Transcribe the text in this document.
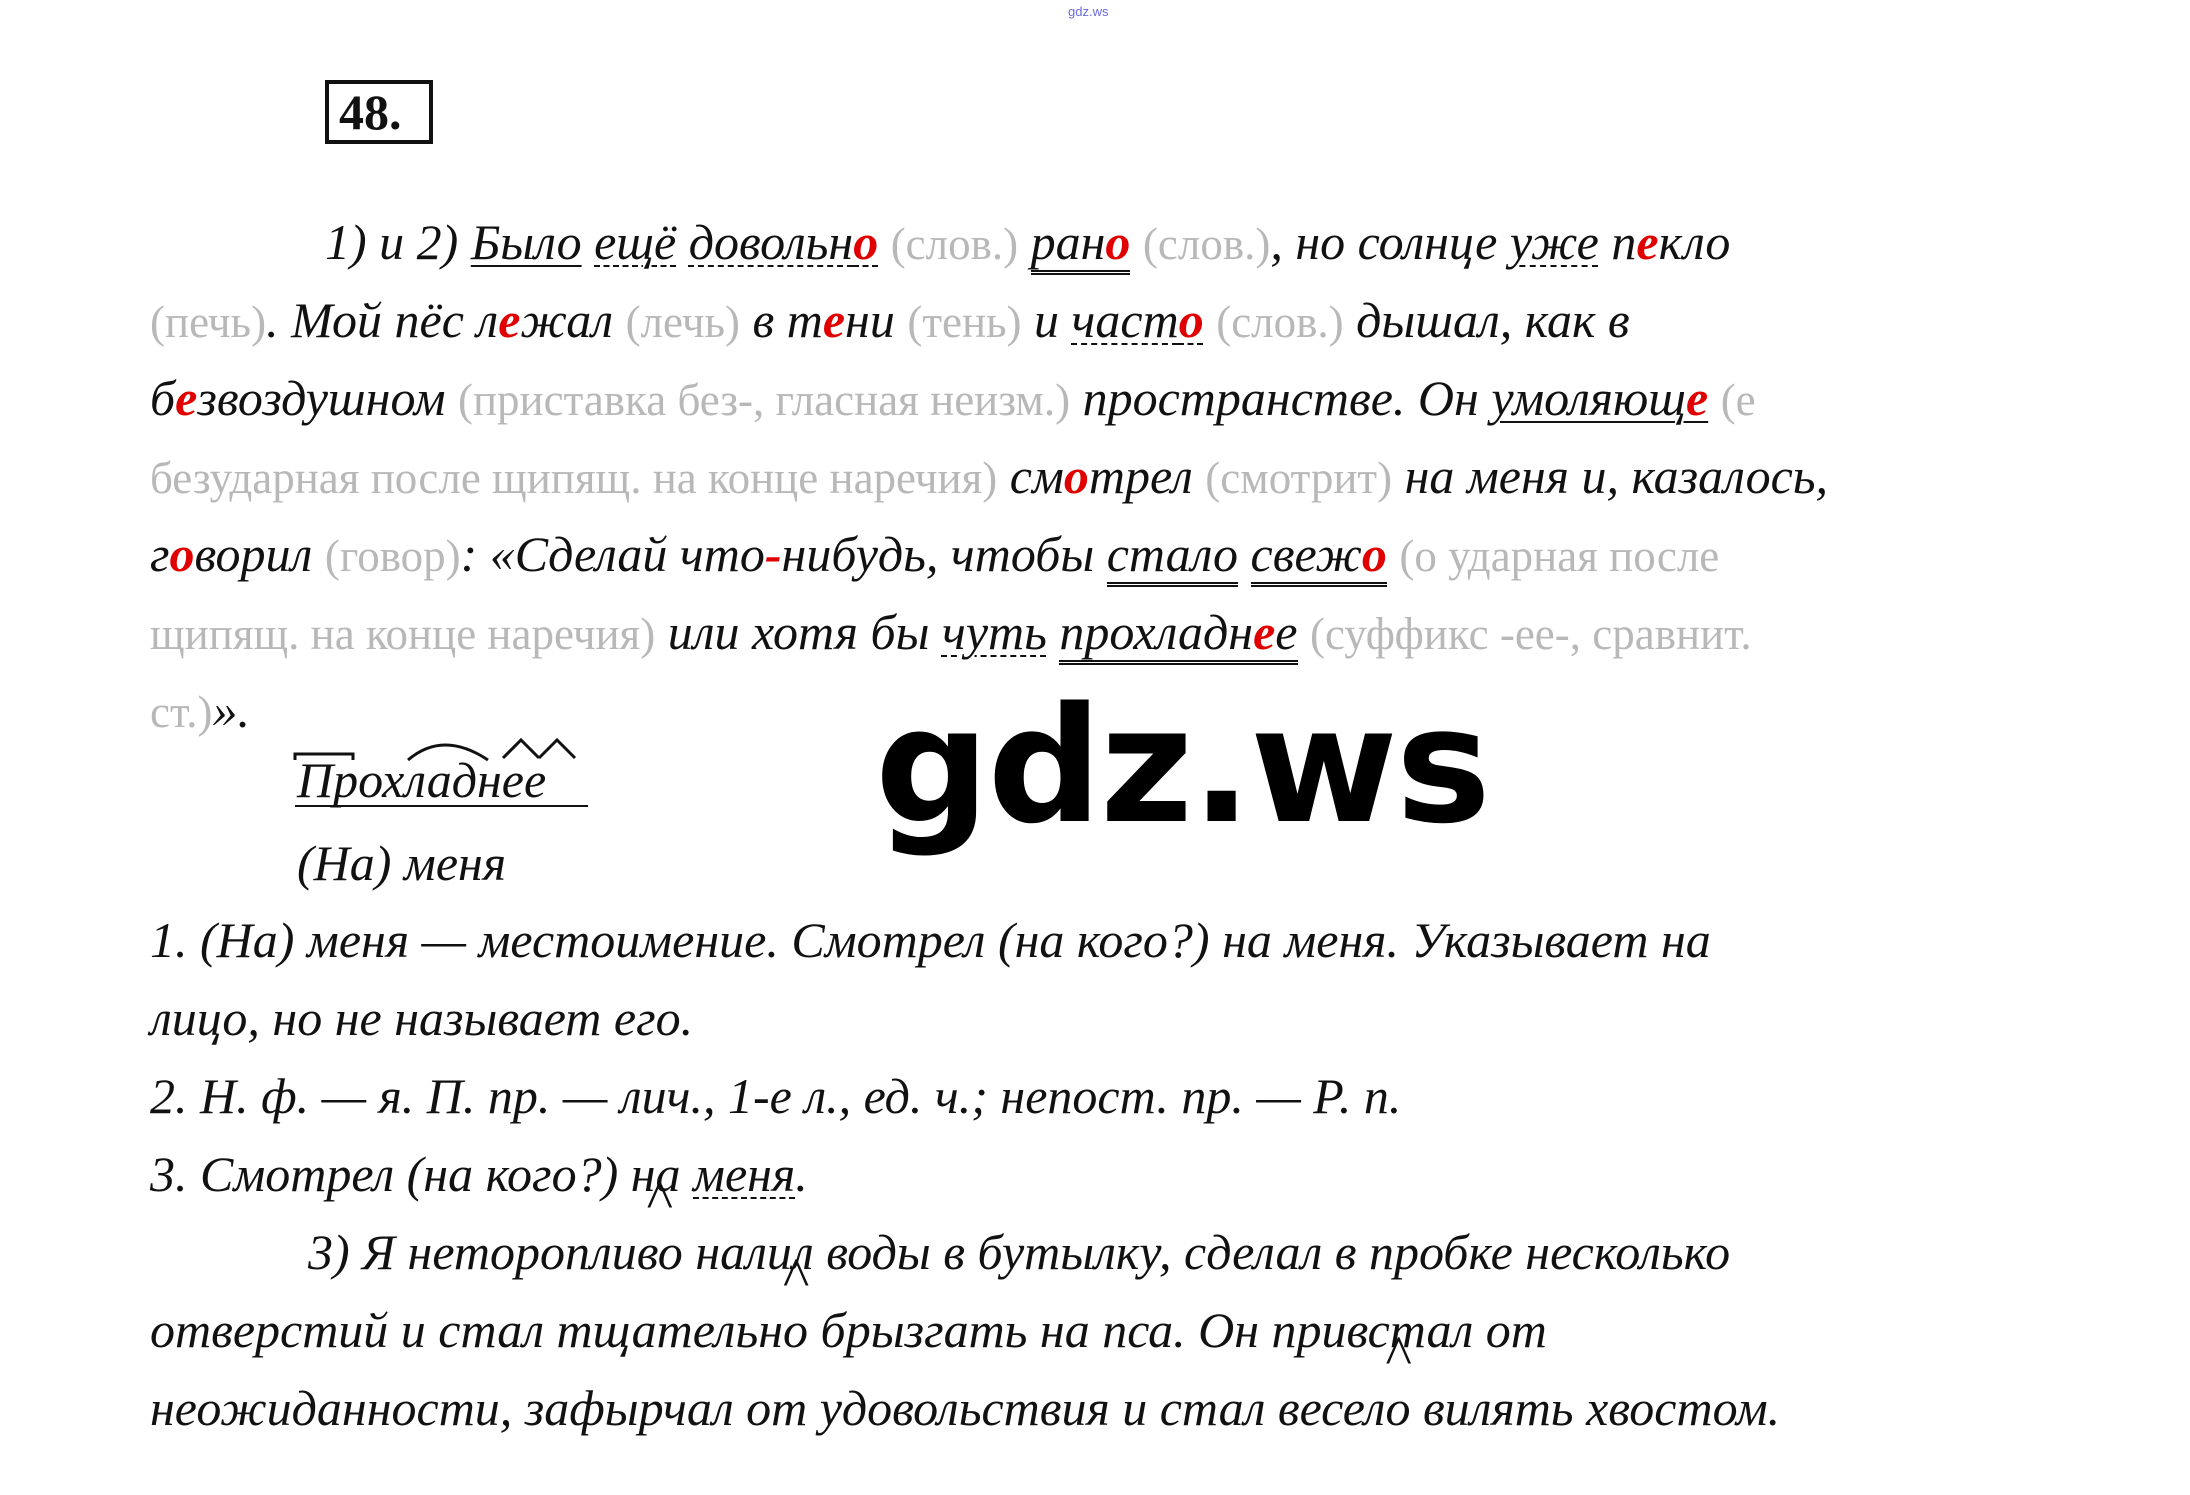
gdz.ws
48.
1) и 2) Было ещё довольно (слов.) рано (слов.), но солнце уже пекло
(печь). Мой пёс лежал (лечь) в тени (тень) и часто (слов.) дышал, как в
безвоздушном (приставка без-, гласная неизм.) пространстве. Он умоляюще (е
безударная после щипящ. на конце наречия) смотрел (смотрит) на меня и, казалось,
говорил (говор): «Сделай что-нибудь, чтобы стало свежо (о ударная после
щипящ. на конце наречия) или хотя бы чуть прохладнее (суффикс -ее-, сравнит.
ст.)».
Прохладнее
(На) меня
1. (На) меня — местоимение. Смотрел (на кого?) на меня. Указывает на
лицо, но не называет его.
2. Н. ф. — я. П. пр. — лич., 1-е л., ед. ч.; непост. пр. — Р. п.
3. Смотрел (на кого?) на меня.
3) Я неторопли^ во налил воды в бутылку, сделал в пробке несколько
отверстий и стал тщательн^ о брызгать на пса. Он привстал от
неожиданности, зафырчал от удовольствия и стал весел^ о вилять хвостом.
gdz.ws
